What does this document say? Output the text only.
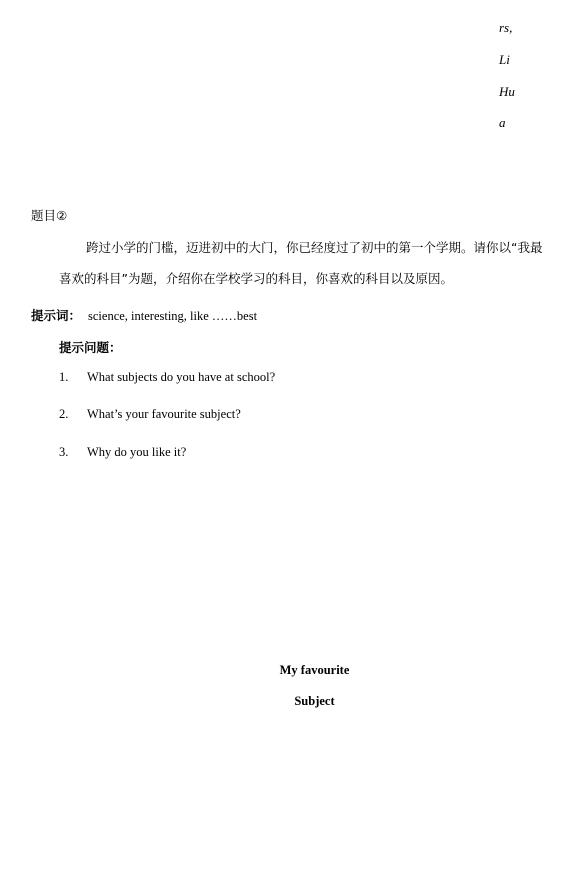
rs,
Li
Hu
a
题目②
跨过小学的门槛，迈进初中的大门，你已经度过了初中的第一个学期。请你以“我最
喜欢的科目”为题，介绍你在学校学习的科目，你喜欢的科目以及原因。
提示词： science, interesting, like ……best
提示问题：
1. What subjects do you have at school?
2. What’s your favourite subject?
3. Why do you like it?
My favourite
Subject
